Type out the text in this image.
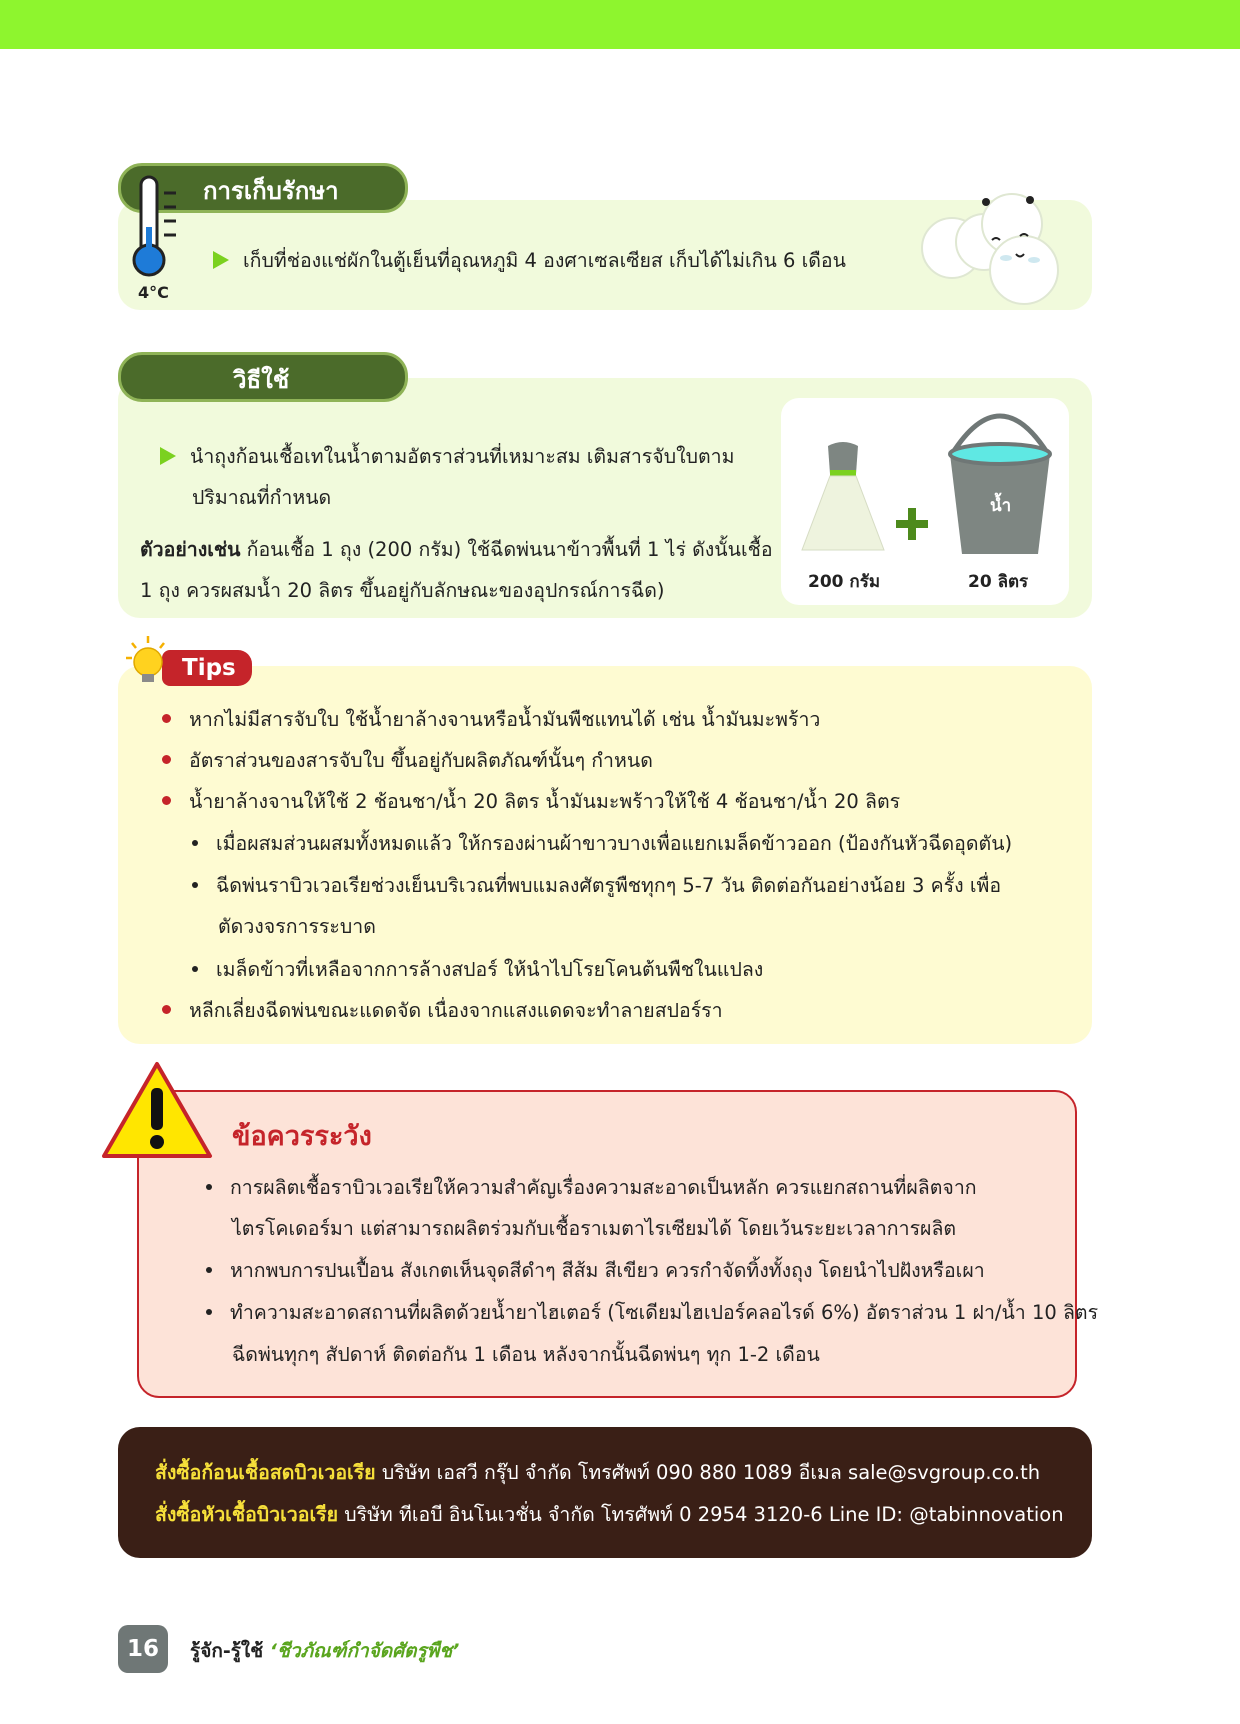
การเก็บรักษา
4°C
เก็บที่ช่องแช่ผักในตู้เย็นที่อุณหภูมิ 4 องศาเซลเซียส เก็บได้ไม่เกิน 6 เดือน
วิธีใช้
นำถุงก้อนเชื้อเทในน้ำตามอัตราส่วนที่เหมาะสม เติมสารจับใบตาม
ปริมาณที่กำหนด
ตัวอย่างเช่น ก้อนเชื้อ 1 ถุง (200 กรัม) ใช้ฉีดพ่นนาข้าวพื้นที่ 1 ไร่ ดังนั้นเชื้อ
1 ถุง ควรผสมน้ำ 20 ลิตร ขึ้นอยู่กับลักษณะของอุปกรณ์การฉีด)
น้ำ
200 กรัม	20 ลิตร
Tips
หากไม่มีสารจับใบ ใช้น้ำยาล้างจานหรือน้ำมันพืชแทนได้ เช่น น้ำมันมะพร้าว
อัตราส่วนของสารจับใบ ขึ้นอยู่กับผลิตภัณฑ์นั้นๆ กำหนด
น้ำยาล้างจานให้ใช้ 2 ช้อนชา/น้ำ 20 ลิตร น้ำมันมะพร้าวให้ใช้ 4 ช้อนชา/น้ำ 20 ลิตร
เมื่อผสมส่วนผสมทั้งหมดแล้ว ให้กรองผ่านผ้าขาวบางเพื่อแยกเมล็ดข้าวออก (ป้องกันหัวฉีดอุดตัน)
ฉีดพ่นราบิวเวอเรียช่วงเย็นบริเวณที่พบแมลงศัตรูพืชทุกๆ 5-7 วัน ติดต่อกันอย่างน้อย 3 ครั้ง เพื่อ
ตัดวงจรการระบาด
เมล็ดข้าวที่เหลือจากการล้างสปอร์ ให้นำไปโรยโคนต้นพืชในแปลง
หลีกเลี่ยงฉีดพ่นขณะแดดจัด เนื่องจากแสงแดดจะทำลายสปอร์รา
ข้อควรระวัง
การผลิตเชื้อราบิวเวอเรียให้ความสำคัญเรื่องความสะอาดเป็นหลัก ควรแยกสถานที่ผลิตจาก
ไตรโคเดอร์มา แต่สามารถผลิตร่วมกับเชื้อราเมตาไรเซียมได้ โดยเว้นระยะเวลาการผลิต
หากพบการปนเปื้อน สังเกตเห็นจุดสีดำๆ สีส้ม สีเขียว ควรกำจัดทิ้งทั้งถุง โดยนำไปฝังหรือเผา
ทำความสะอาดสถานที่ผลิตด้วยน้ำยาไฮเตอร์ (โซเดียมไฮเปอร์คลอไรด์ 6%) อัตราส่วน 1 ฝา/น้ำ 10 ลิตร
ฉีดพ่นทุกๆ สัปดาห์ ติดต่อกัน 1 เดือน หลังจากนั้นฉีดพ่นๆ ทุก 1-2 เดือน
สั่งซื้อก้อนเชื้อสดบิวเวอเรีย บริษัท เอสวี กรุ๊ป จำกัด โทรศัพท์ 090 880 1089 อีเมล sale@svgroup.co.th
สั่งซื้อหัวเชื้อบิวเวอเรีย บริษัท ทีเอบี อินโนเวชั่น จำกัด โทรศัพท์ 0 2954 3120-6 Line ID: @tabinnovation
16	รู้จัก-รู้ใช้ ‘ชีวภัณฑ์กำจัดศัตรูพืช’
